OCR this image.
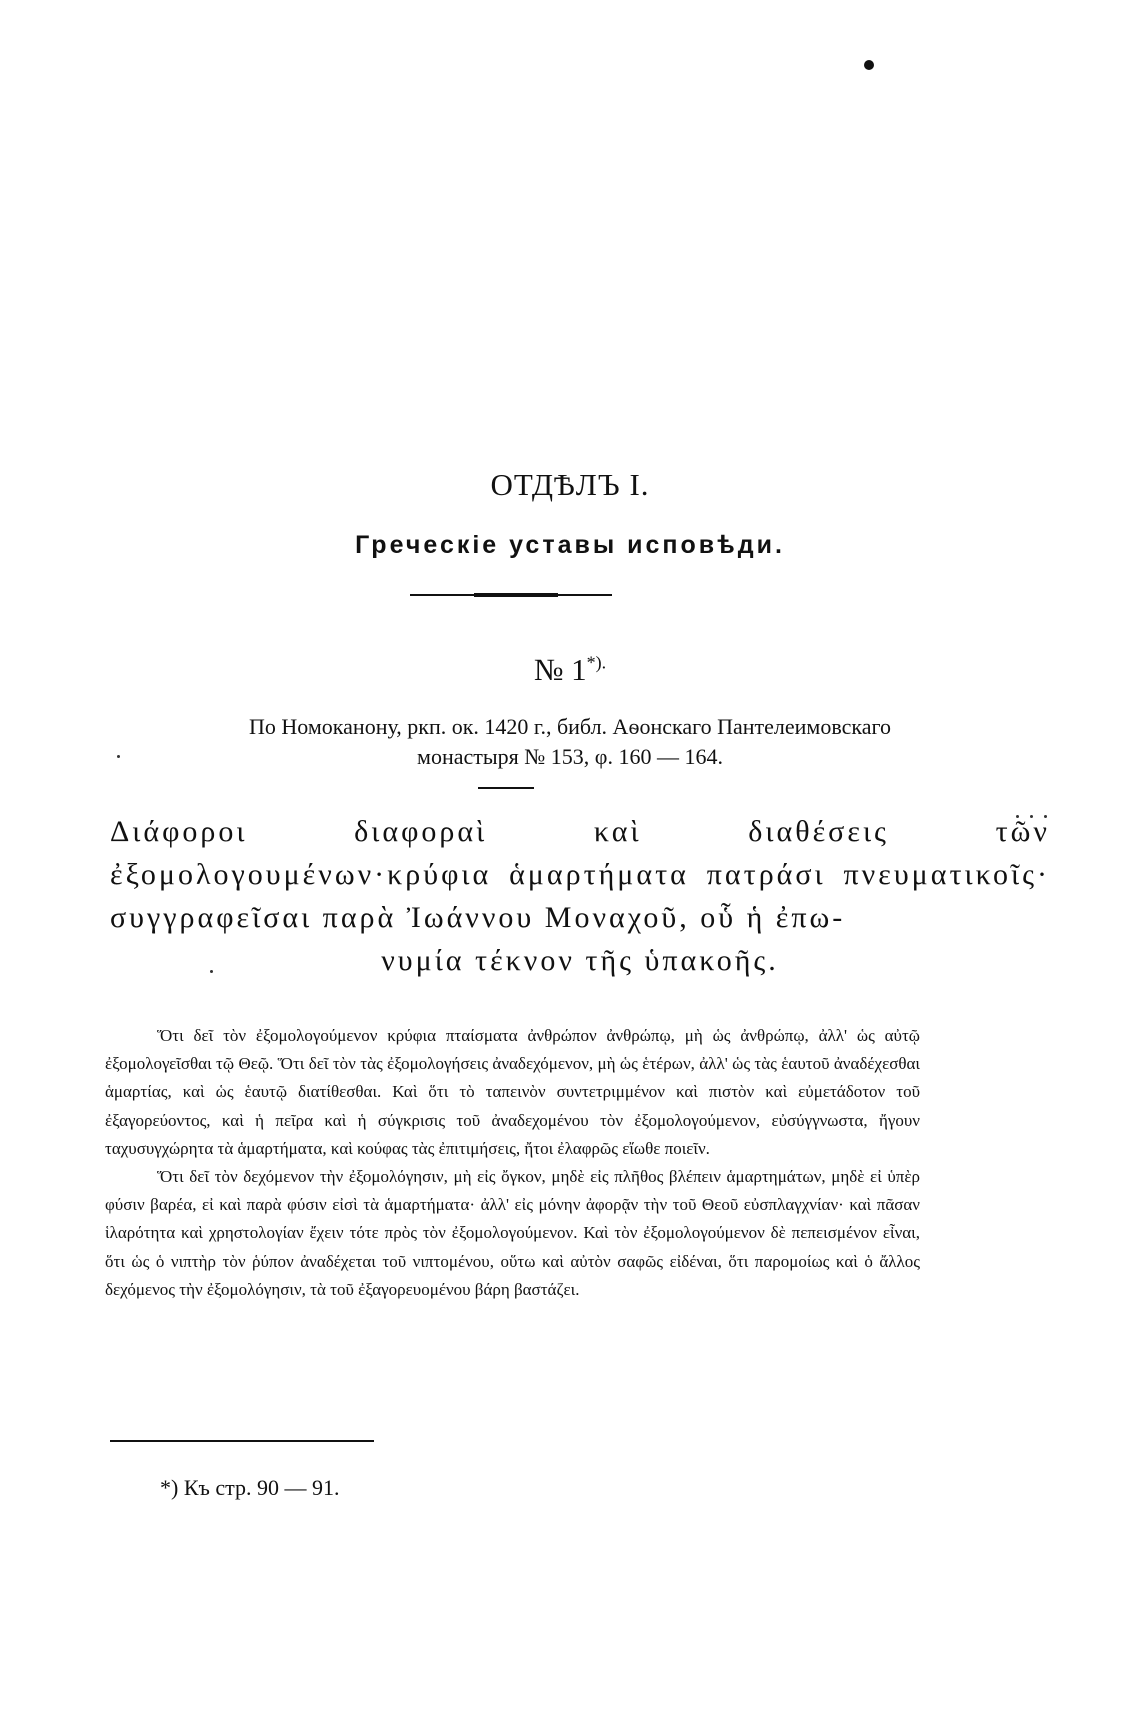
ОТДѢЛЪ I.
Греческіе уставы исповѣди.
№ 1*).
По Номоканону, ркп. ок. 1420 г., библ. Аѳонскаго Пантелеимовскаго
монастыря № 153, φ. 160 — 164.
Διάφοροι διαφοραὶ καὶ διαθέσεις τῶν ἐξομολογουμένων·κρύφια ἁμαρτήματα πατράσι πνευματικοῖς· συγγραφεῖσαι παρὰ Ἰωάννου Μοναχοῦ, οὗ ἡ ἐπω-
νυμία τέκνον τῆς ὑπακοῆς.

Ὅτι δεῖ τὸν ἐξομολογούμενον κρύφια πταίσματα ἀνθρώπον ἀνθρώπῳ, μὴ ὡς ἀνθρώπῳ, ἀλλ' ὡς αὐτῷ ἐξομολογεῖσθαι τῷ Θεῷ. Ὅτι δεῖ τὸν τὰς ἐξομολογήσεις ἀναδεχόμενον, μὴ ὡς ἑτέρων, ἀλλ' ὡς τὰς ἑαυτοῦ ἀναδέχεσθαι ἁμαρτίας, καὶ ὡς ἑαυτῷ διατίθεσθαι. Καὶ ὅτι τὸ ταπεινὸν συντετριμμένον καὶ πιστὸν καὶ εὐμετάδοτον τοῦ ἐξαγορεύοντος, καὶ ἡ πεῖρα καὶ ἡ σύγκρισις τοῦ ἀναδεχομένου τὸν ἐξομολογούμενον, εὐσύγγνωστα, ἤγουν ταχυσυγχώρητα τὰ ἁμαρτήματα, καὶ κούφας τὰς ἐπιτιμήσεις, ἤτοι ἐλαφρῶς εἴωθε ποιεῖν.

Ὅτι δεῖ τὸν δεχόμενον τὴν ἐξομολόγησιν, μὴ εἰς ὄγκον, μηδὲ εἰς πλῆθος βλέπειν ἁμαρτημάτων, μηδὲ εἰ ὑπὲρ φύσιν βαρέα, εἰ καὶ παρὰ φύσιν εἰσὶ τὰ ἁμαρτήματα· ἀλλ' εἰς μόνην ἀφορᾷν τὴν τοῦ Θεοῦ εὐσπλαγχνίαν· καὶ πᾶσαν ἱλαρότητα καὶ χρηστολογίαν ἔχειν τότε πρὸς τὸν ἐξομολογούμενον. Καὶ τὸν ἐξομολογούμενον δὲ πεπεισμένον εἶναι, ὅτι ὡς ὁ νιπτὴρ τὸν ῥύπον ἀναδέχεται τοῦ νιπτομένου, οὕτω καὶ αὐτὸν σαφῶς εἰδέναι, ὅτι παρομοίως καὶ ὁ ἄλλος δεχόμενος τὴν ἐξομολόγησιν, τὰ τοῦ ἐξαγορευομένου βάρη βαστάζει.

*) Къ стр. 90 — 91.
